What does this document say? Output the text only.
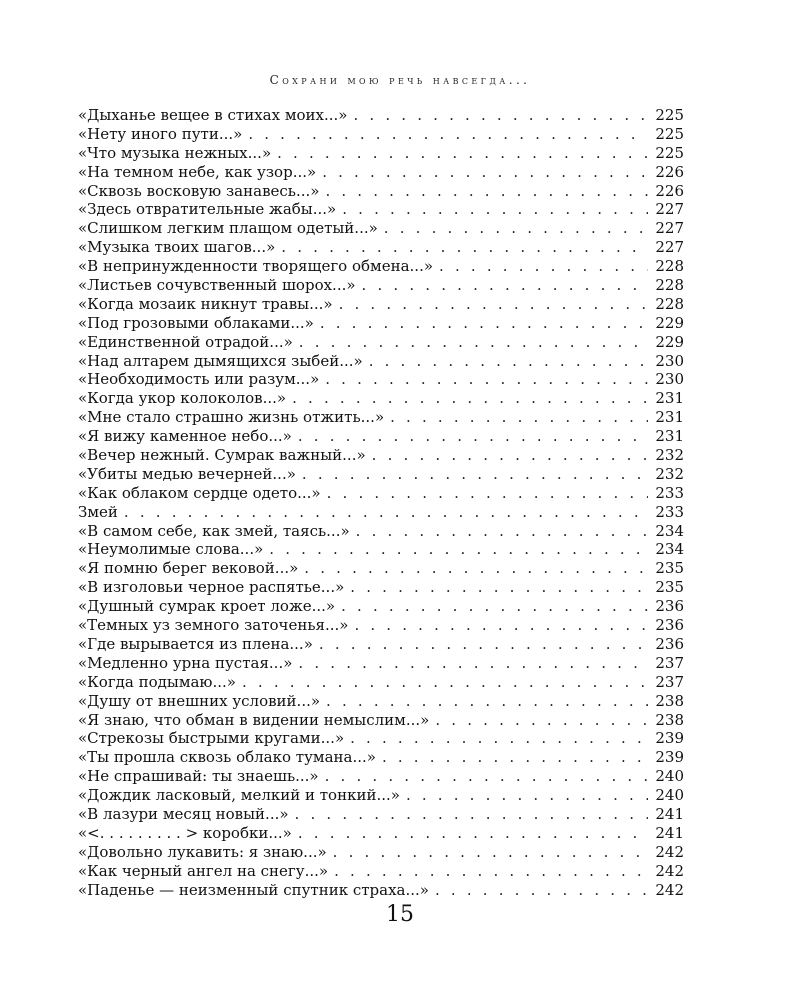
Сохрани мою речь навсегда...
«Дыханье вещее в стихах моих...» . . .	225
«Нету иного пути...» . . .	225
«Что музыка нежных...» . . .	225
«На темном небе, как узор...» . . .	226
«Сквозь восковую занавесь...» . . .	226
«Здесь отвратительные жабы...» . . .	227
«Слишком легким плащом одетый...» . . .	227
«Музыка твоих шагов...» . . .	227
«В непринужденности творящего обмена...» . . .	228
«Листьев сочувственный шорох...» . . .	228
«Когда мозаик никнут травы...» . . .	228
«Под грозовыми облаками...» . . .	229
«Единственной отрадой...» . . .	229
«Над алтарем дымящихся зыбей...» . . .	230
«Необходимость или разум...» . . .	230
«Когда укор колоколов...» . . .	231
«Мне стало страшно жизнь отжить...» . . .	231
«Я вижу каменное небо...» . . .	231
«Вечер нежный. Сумрак важный...» . . .	232
«Убиты медью вечерней...» . . .	232
«Как облаком сердце одето...» . . .	233
Змей . . .	233
«В самом себе, как змей, таясь...» . . .	234
«Неумолимые слова...» . . .	234
«Я помню берег вековой...» . . .	235
«В изголовьи черное распятье...» . . .	235
«Душный сумрак кроет ложе...» . . .	236
«Темных уз земного заточенья...» . . .	236
«Где вырывается из плена...» . . .	236
«Медленно урна пустая...» . . .	237
«Когда подымаю...» . . .	237
«Душу от внешних условий...» . . .	238
«Я знаю, что обман в видении немыслим...» . . .	238
«Стрекозы быстрыми кругами...» . . .	239
«Ты прошла сквозь облако тумана...» . . .	239
«Не спрашивай: ты знаешь...» . . .	240
«Дождик ласковый, мелкий и тонкий...» . . .	240
«В лазури месяц новый...» . . .	241
«<. . . . . . . . . > коробки...» . . .	241
«Довольно лукавить: я знаю...» . . .	242
«Как черный ангел на снегу...» . . .	242
«Паденье — неизменный спутник страха...» . . .	242
15
